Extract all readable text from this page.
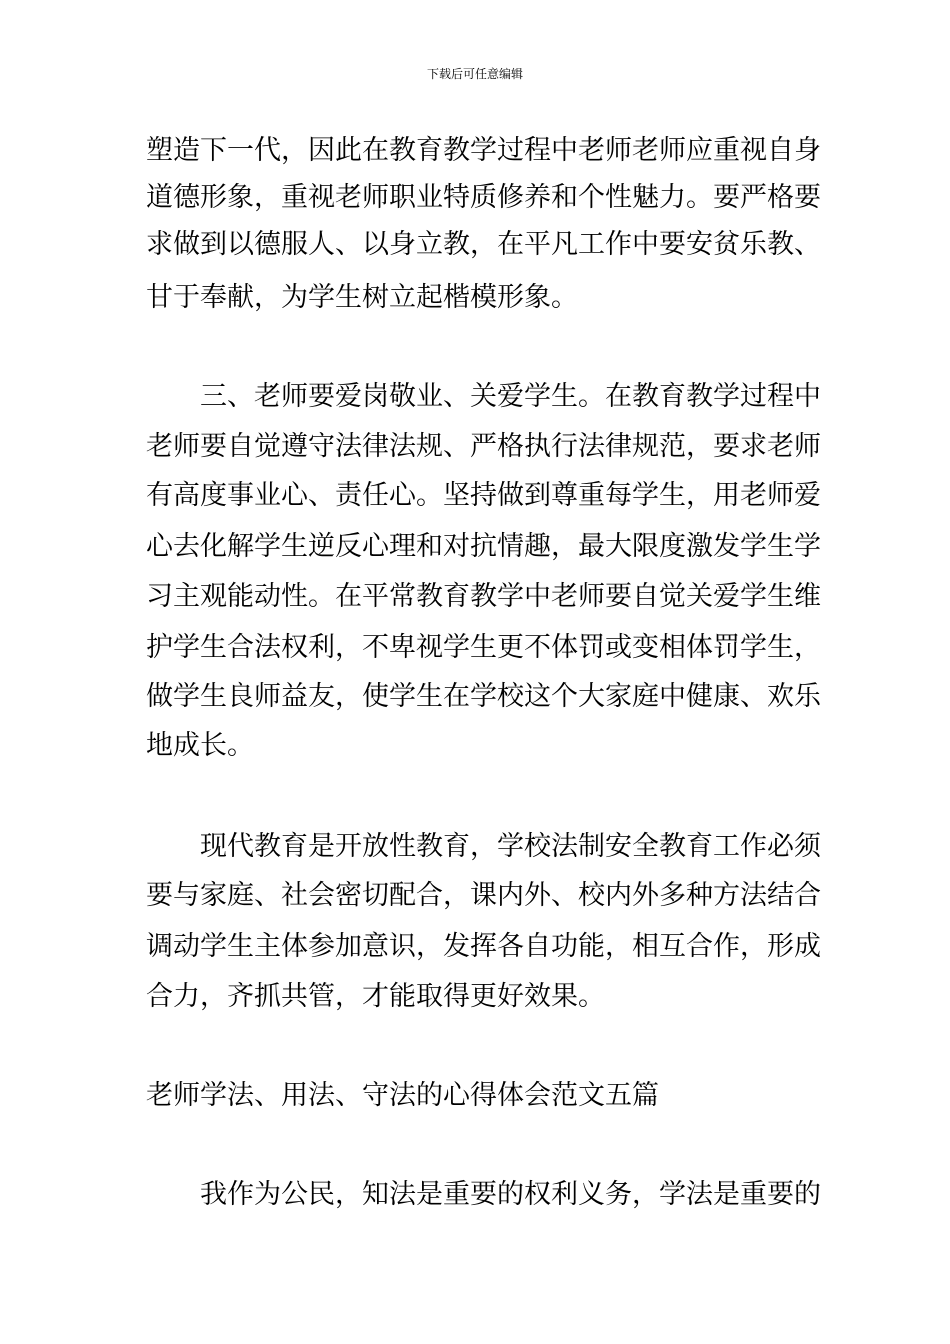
下载后可任意编辑
塑造下一代，因此在教育教学过程中老师老师应重视自身
道德形象，重视老师职业特质修养和个性魅力。要严格要
求做到以德服人、以身立教，在平凡工作中要安贫乐教、
甘于奉献，为学生树立起楷模形象。
　　三、老师要爱岗敬业、关爱学生。在教育教学过程中
老师要自觉遵守法律法规、严格执行法律规范，要求老师
有高度事业心、责任心。坚持做到尊重每学生，用老师爱
心去化解学生逆反心理和对抗情趣，最大限度激发学生学
习主观能动性。在平常教育教学中老师要自觉关爱学生维
护学生合法权利，不卑视学生更不体罚或变相体罚学生，
做学生良师益友，使学生在学校这个大家庭中健康、欢乐
地成长。
　　现代教育是开放性教育，学校法制安全教育工作必须
要与家庭、社会密切配合，课内外、校内外多种方法结合
调动学生主体参加意识，发挥各自功能，相互合作，形成
合力，齐抓共管，才能取得更好效果。
老师学法、用法、守法的心得体会范文五篇
　　我作为公民，知法是重要的权利义务，学法是重要的
